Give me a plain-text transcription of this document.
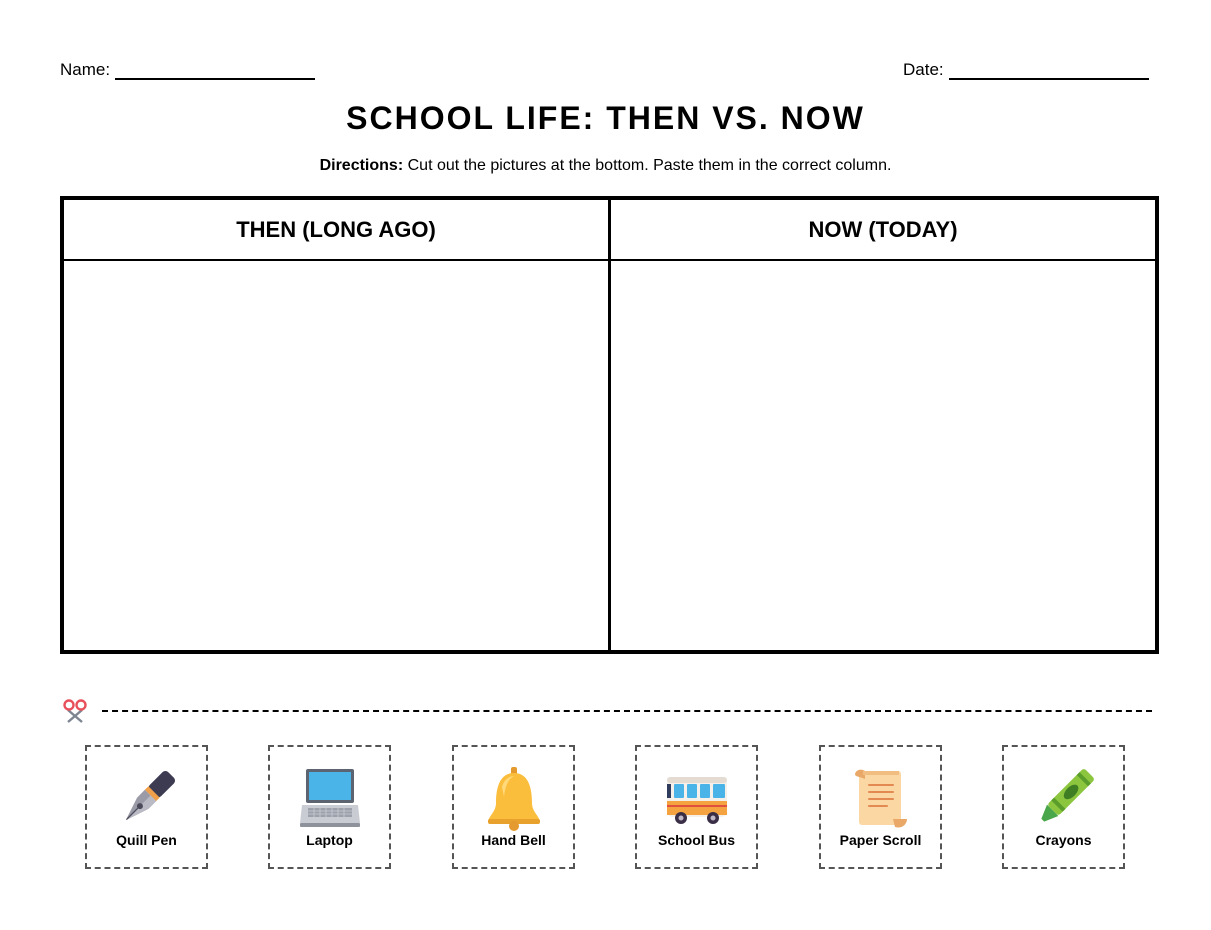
Name:	Date:
SCHOOL LIFE: THEN VS. NOW
Directions: Cut out the pictures at the bottom. Paste them in the correct column.
THEN (LONG AGO)	NOW (TODAY)
Quill Pen	Laptop	Hand Bell	School Bus	Paper Scroll	Crayons
